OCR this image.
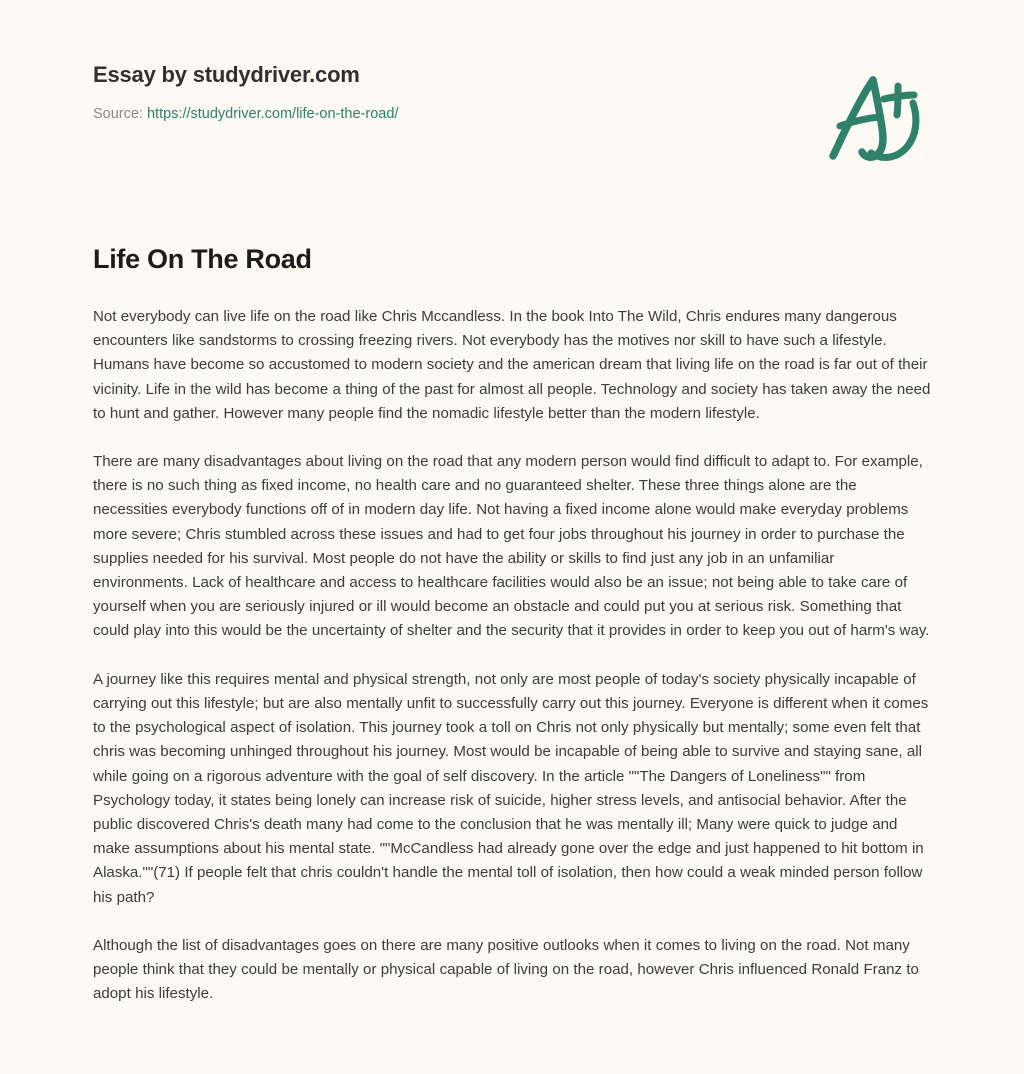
Essay by studydriver.com
Source: https://studydriver.com/life-on-the-road/
Life On The Road

Not everybody can live life on the road like Chris Mccandless. In the book Into The Wild, Chris endures many dangerous encounters like sandstorms to crossing freezing rivers. Not everybody has the motives nor skill to have such a lifestyle. Humans have become so accustomed to modern society and the american dream that living life on the road is far out of their vicinity. Life in the wild has become a thing of the past for almost all people. Technology and society has taken away the need to hunt and gather. However many people find the nomadic lifestyle better than the modern lifestyle.

There are many disadvantages about living on the road that any modern person would find difficult to adapt to. For example, there is no such thing as fixed income, no health care and no guaranteed shelter. These three things alone are the necessities everybody functions off of in modern day life. Not having a fixed income alone would make everyday problems more severe; Chris stumbled across these issues and had to get four jobs throughout his journey in order to purchase the supplies needed for his survival. Most people do not have the ability or skills to find just any job in an unfamiliar environments. Lack of healthcare and access to healthcare facilities would also be an issue; not being able to take care of yourself when you are seriously injured or ill would become an obstacle and could put you at serious risk. Something that could play into this would be the uncertainty of shelter and the security that it provides in order to keep you out of harm's way.

A journey like this requires mental and physical strength, not only are most people of today's society physically incapable of carrying out this lifestyle; but are also mentally unfit to successfully carry out this journey. Everyone is different when it comes to the psychological aspect of isolation. This journey took a toll on Chris not only physically but mentally; some even felt that chris was becoming unhinged throughout his journey. Most would be incapable of being able to survive and staying sane, all while going on a rigorous adventure with the goal of self discovery. In the article ""The Dangers of Loneliness"" from Psychology today, it states being lonely can increase risk of suicide, higher stress levels, and antisocial behavior. After the public discovered Chris's death many had come to the conclusion that he was mentally ill; Many were quick to judge and make assumptions about his mental state. ""McCandless had already gone over the edge and just happened to hit bottom in Alaska.""(71) If people felt that chris couldn't handle the mental toll of isolation, then how could a weak minded person follow his path?

Although the list of disadvantages goes on there are many positive outlooks when it comes to living on the road. Not many people think that they could be mentally or physical capable of living on the road, however Chris influenced Ronald Franz to adopt his lifestyle.
